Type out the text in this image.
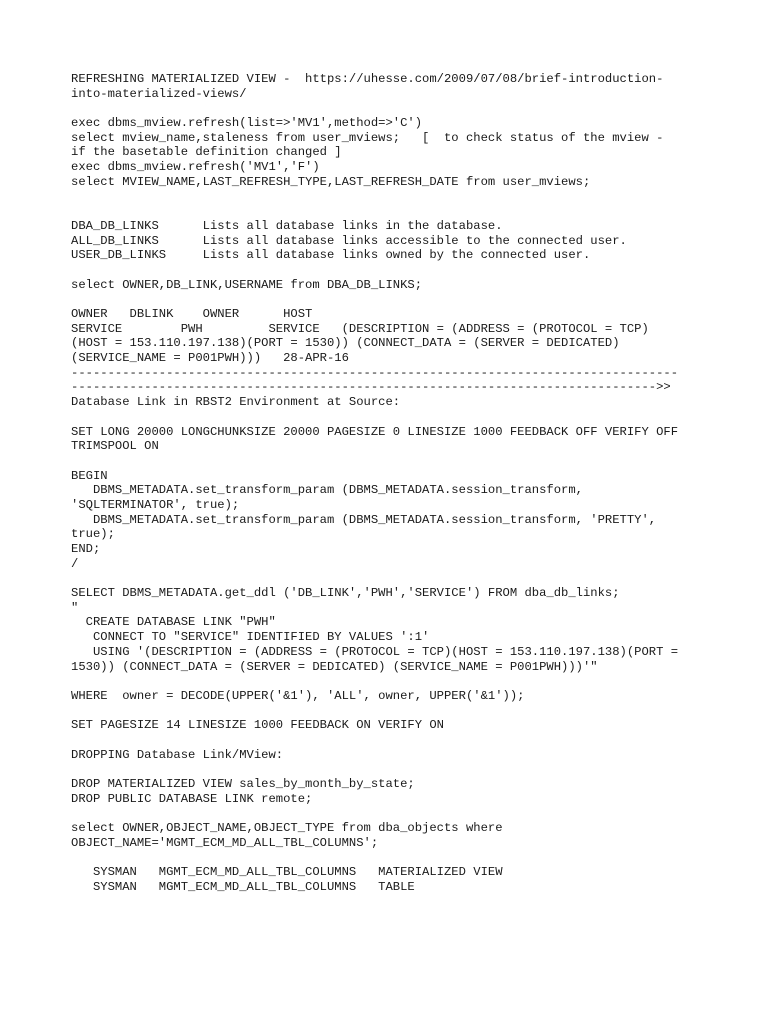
REFRESHING MATERIALIZED VIEW -  https://uhesse.com/2009/07/08/brief-introduction-
into-materialized-views/
exec dbms_mview.refresh(list=>'MV1',method=>'C')
select mview_name,staleness from user_mviews;   [  to check status of the mview -
if the basetable definition changed ]
exec dbms_mview.refresh('MV1','F')
select MVIEW_NAME,LAST_REFRESH_TYPE,LAST_REFRESH_DATE from user_mviews;
DBA_DB_LINKS      Lists all database links in the database.
ALL_DB_LINKS      Lists all database links accessible to the connected user.
USER_DB_LINKS     Lists all database links owned by the connected user.
select OWNER,DB_LINK,USERNAME from DBA_DB_LINKS;
OWNER   DBLINK    OWNER      HOST
SERVICE        PWH         SERVICE   (DESCRIPTION = (ADDRESS = (PROTOCOL = TCP)
(HOST = 153.110.197.138)(PORT = 1530)) (CONNECT_DATA = (SERVER = DEDICATED)
(SERVICE_NAME = P001PWH)))   28-APR-16
-----------------------------------------------------------------------------------
-------------------------------------------------------------------------------->>
Database Link in RBST2 Environment at Source:
SET LONG 20000 LONGCHUNKSIZE 20000 PAGESIZE 0 LINESIZE 1000 FEEDBACK OFF VERIFY OFF
TRIMSPOOL ON
BEGIN
DBMS_METADATA.set_transform_param (DBMS_METADATA.session_transform,
'SQLTERMINATOR', true);
DBMS_METADATA.set_transform_param (DBMS_METADATA.session_transform, 'PRETTY',
true);
END;
/
SELECT DBMS_METADATA.get_ddl ('DB_LINK','PWH','SERVICE') FROM dba_db_links;
"
CREATE DATABASE LINK "PWH"
CONNECT TO "SERVICE" IDENTIFIED BY VALUES ':1'
USING '(DESCRIPTION = (ADDRESS = (PROTOCOL = TCP)(HOST = 153.110.197.138)(PORT =
1530)) (CONNECT_DATA = (SERVER = DEDICATED) (SERVICE_NAME = P001PWH)))'"
WHERE  owner = DECODE(UPPER('&1'), 'ALL', owner, UPPER('&1'));
SET PAGESIZE 14 LINESIZE 1000 FEEDBACK ON VERIFY ON
DROPPING Database Link/MView:
DROP MATERIALIZED VIEW sales_by_month_by_state;
DROP PUBLIC DATABASE LINK remote;
select OWNER,OBJECT_NAME,OBJECT_TYPE from dba_objects where
OBJECT_NAME='MGMT_ECM_MD_ALL_TBL_COLUMNS';
SYSMAN   MGMT_ECM_MD_ALL_TBL_COLUMNS   MATERIALIZED VIEW
SYSMAN   MGMT_ECM_MD_ALL_TBL_COLUMNS   TABLE
